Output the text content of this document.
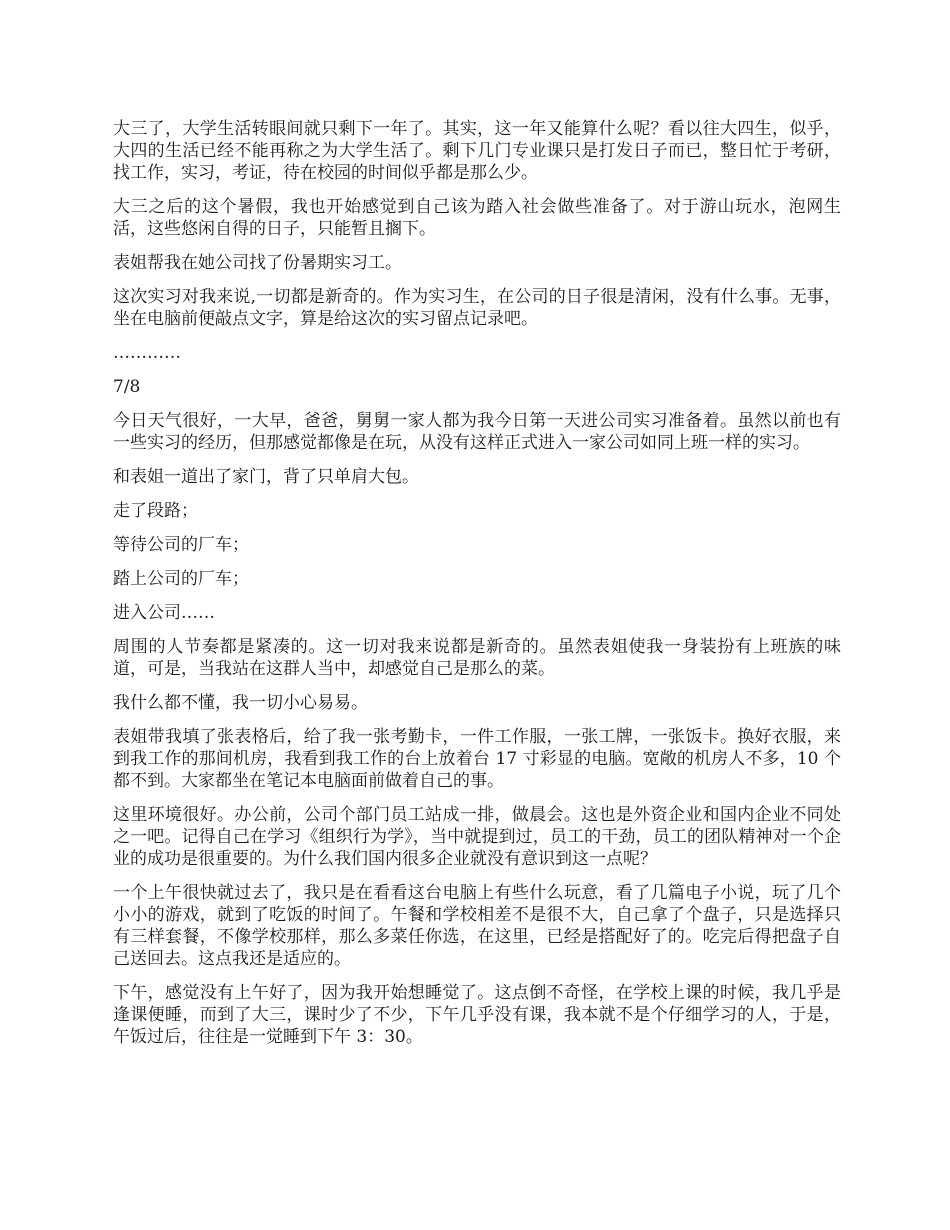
大三了，大学生活转眼间就只剩下一年了。其实，这一年又能算什么呢？看以往大四生，似乎，大四的生活已经不能再称之为大学生活了。剩下几门专业课只是打发日子而已，整日忙于考研，找工作，实习，考证，待在校园的时间似乎都是那么少。

大三之后的这个暑假，我也开始感觉到自己该为踏入社会做些准备了。对于游山玩水，泡网生活，这些悠闲自得的日子，只能暂且搁下。

表姐帮我在她公司找了份暑期实习工。

这次实习对我来说,一切都是新奇的。作为实习生，在公司的日子很是清闲，没有什么事。无事，坐在电脑前便敲点文字，算是给这次的实习留点记录吧。

…………

7/8

今日天气很好，一大早，爸爸，舅舅一家人都为我今日第一天进公司实习准备着。虽然以前也有一些实习的经历，但那感觉都像是在玩，从没有这样正式进入一家公司如同上班一样的实习。

和表姐一道出了家门，背了只单肩大包。

走了段路；

等待公司的厂车；

踏上公司的厂车；

进入公司……

周围的人节奏都是紧凑的。这一切对我来说都是新奇的。虽然表姐使我一身装扮有上班族的味道，可是，当我站在这群人当中，却感觉自己是那么的菜。

我什么都不懂，我一切小心易易。

表姐带我填了张表格后，给了我一张考勤卡，一件工作服，一张工牌，一张饭卡。换好衣服，来到我工作的那间机房，我看到我工作的台上放着台 17 寸彩显的电脑。宽敞的机房人不多，10 个都不到。大家都坐在笔记本电脑面前做着自己的事。

这里环境很好。办公前，公司个部门员工站成一排，做晨会。这也是外资企业和国内企业不同处之一吧。记得自己在学习《组织行为学》，当中就提到过，员工的干劲，员工的团队精神对一个企业的成功是很重要的。为什么我们国内很多企业就没有意识到这一点呢？

一个上午很快就过去了，我只是在看看这台电脑上有些什么玩意，看了几篇电子小说，玩了几个小小的游戏，就到了吃饭的时间了。午餐和学校相差不是很不大，自己拿了个盘子，只是选择只有三样套餐，不像学校那样，那么多菜任你选，在这里，已经是搭配好了的。吃完后得把盘子自己送回去。这点我还是适应的。

下午，感觉没有上午好了，因为我开始想睡觉了。这点倒不奇怪，在学校上课的时候，我几乎是逢课便睡，而到了大三，课时少了不少，下午几乎没有课，我本就不是个仔细学习的人，于是，午饭过后，往往是一觉睡到下午 3：30。
